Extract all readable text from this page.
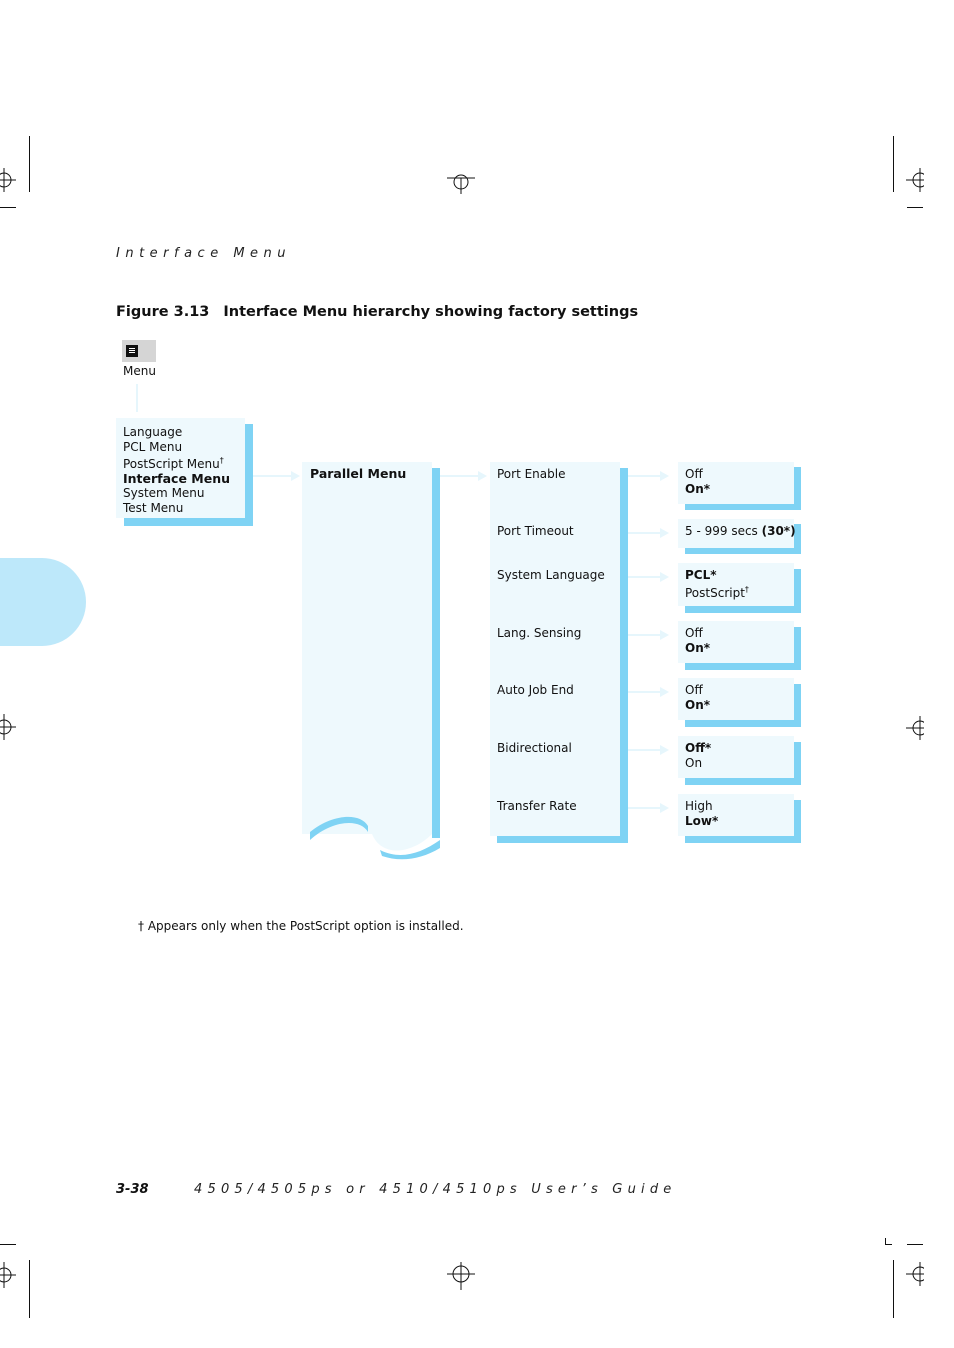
Interface Menu
Figure 3.13 Interface Menu hierarchy showing factory settings
Menu
Language
PCL Menu
PostScript Menu†
Interface Menu
System Menu
Test Menu
Parallel Menu	Port Enable	Off
On*
Port Timeout	5 - 999 secs (30*)
System Language	PCL*
PostScript†
Lang. Sensing	Off
On*
Auto Job End	Off
On*
Bidirectional	Off*
On
Transfer Rate	High
Low*
† Appears only when the PostScript option is installed.
3-38	4505/4505ps or 4510/4510ps User’s Guide
